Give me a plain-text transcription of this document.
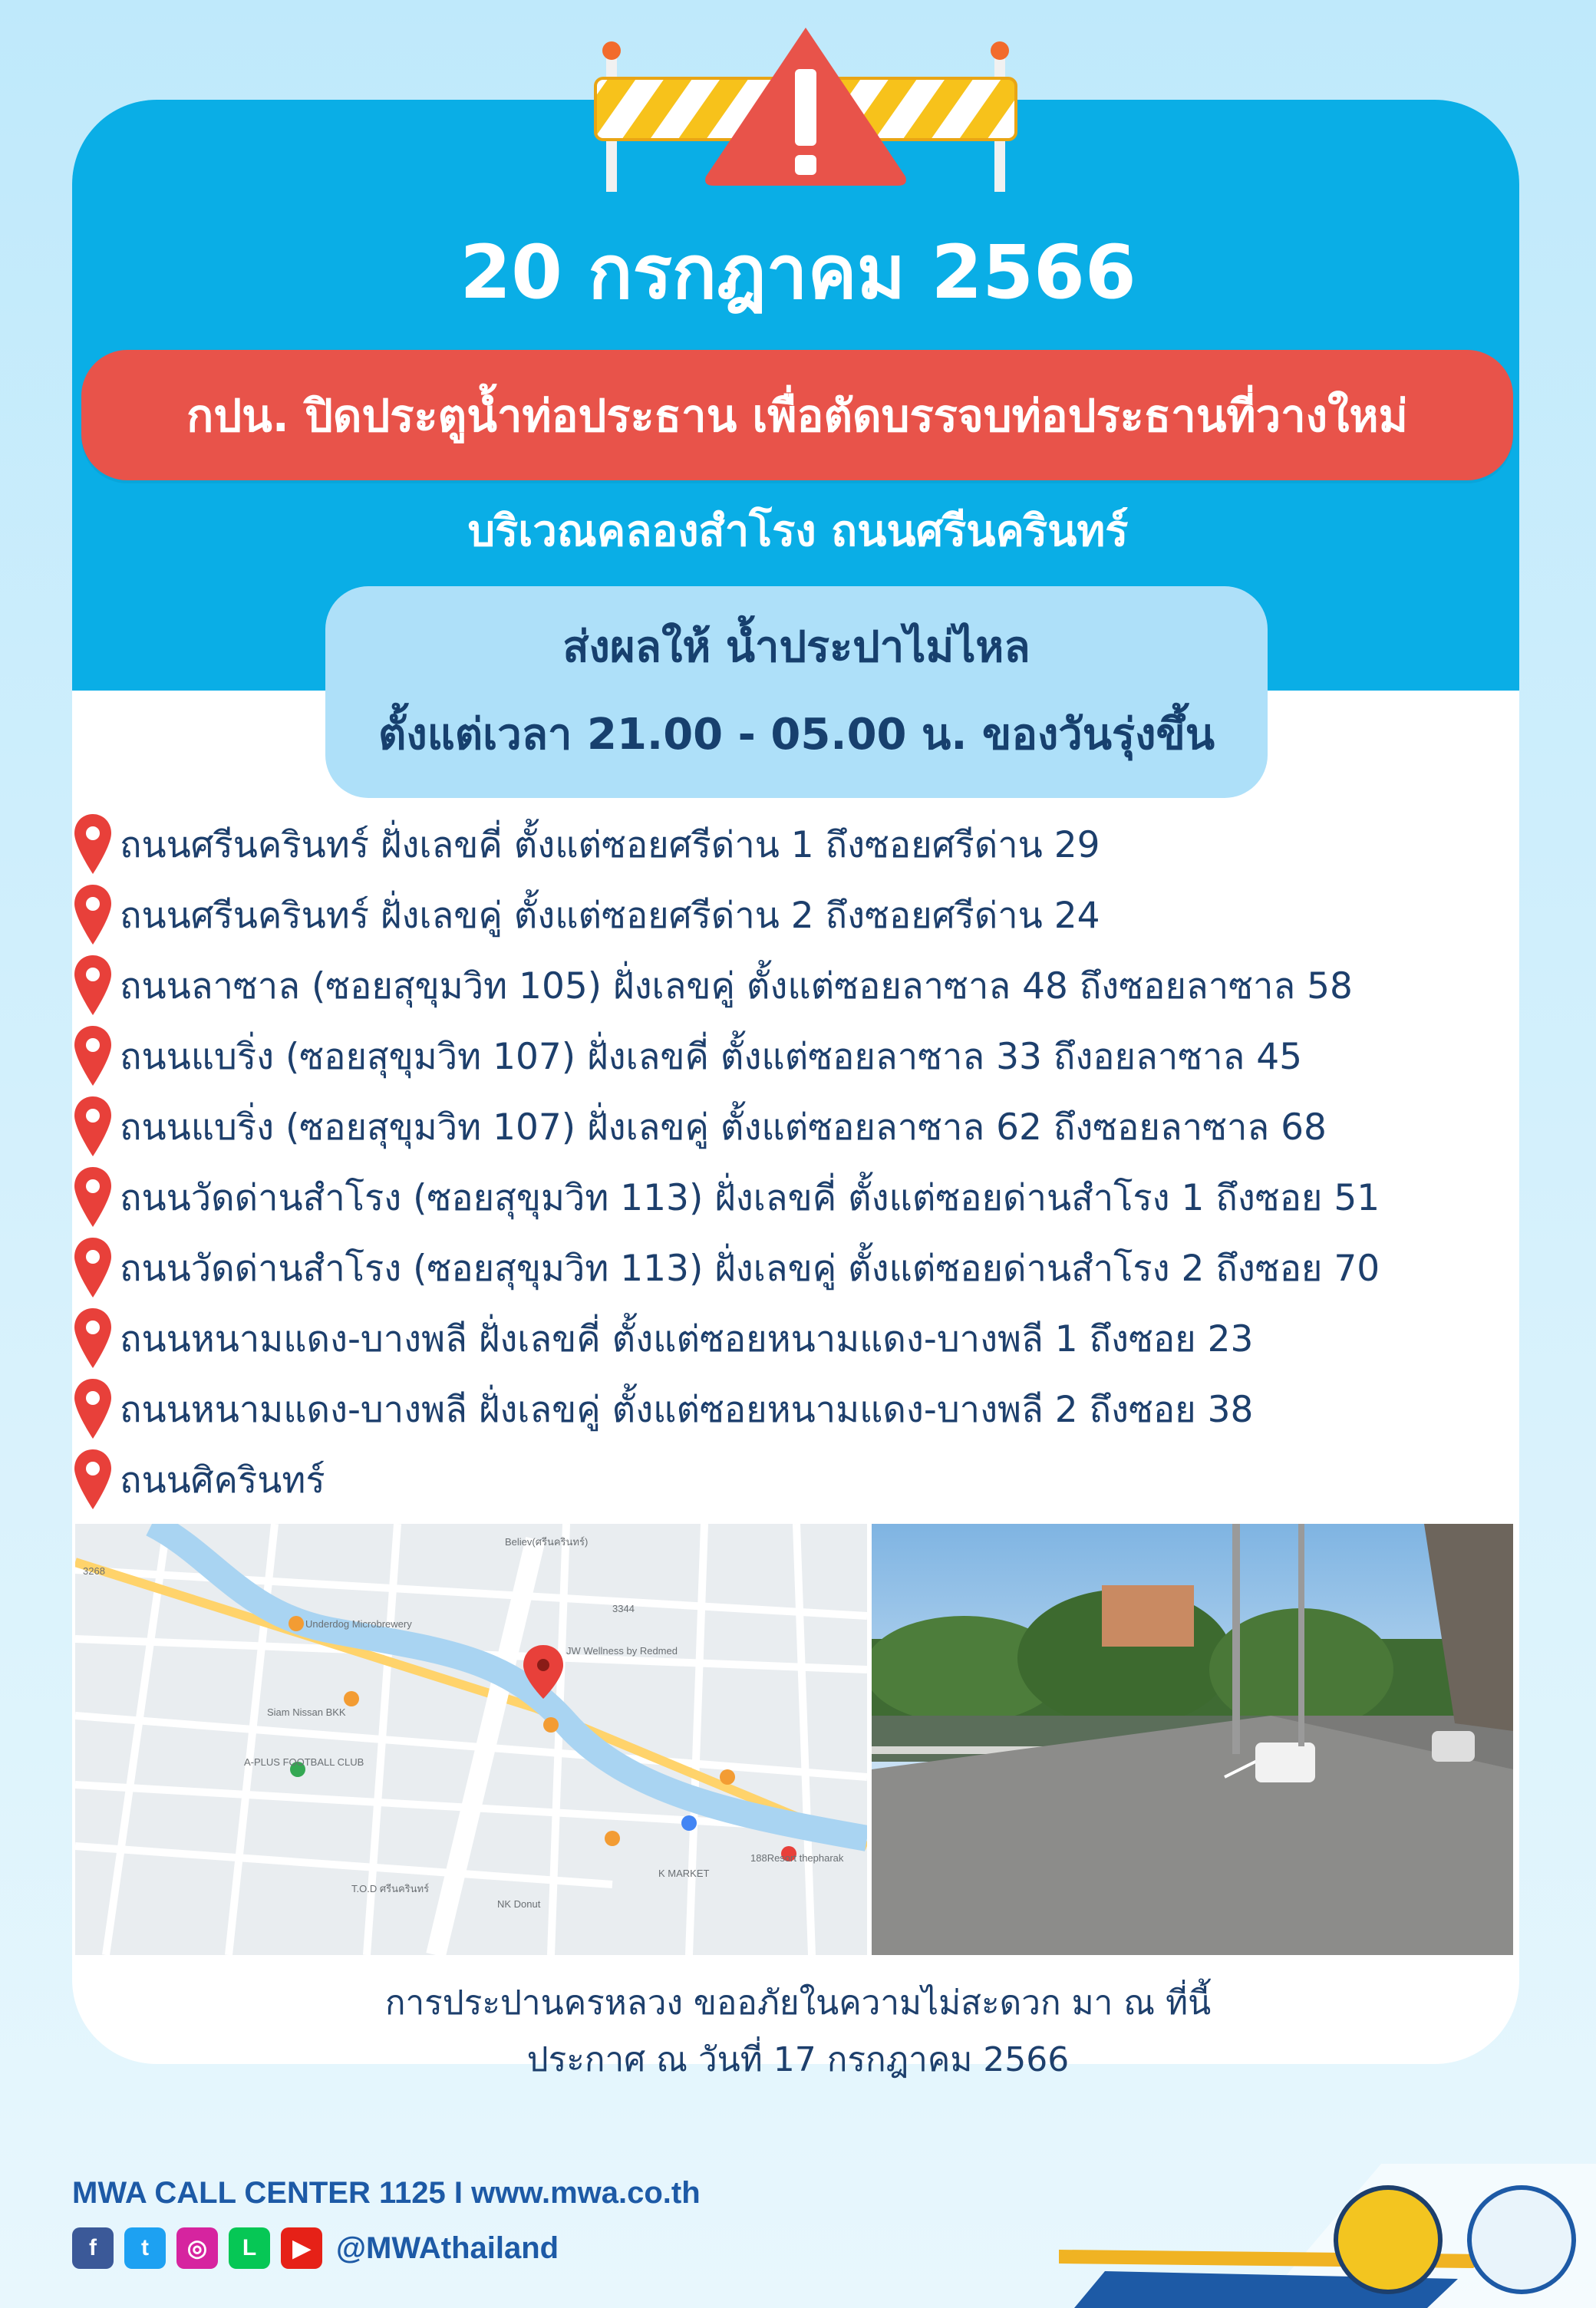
20 กรกฎาคม 2566
กปน. ปิดประตูน้ำท่อประธาน เพื่อตัดบรรจบท่อประธานที่วางใหม่
บริเวณคลองสำโรง ถนนศรีนครินทร์
ส่งผลให้ น้ำประปาไม่ไหล
ตั้งแต่เวลา 21.00 - 05.00 น. ของวันรุ่งขึ้น
ถนนศรีนครินทร์ ฝั่งเลขคี่ ตั้งแต่ซอยศรีด่าน 1 ถึงซอยศรีด่าน 29
ถนนศรีนครินทร์ ฝั่งเลขคู่ ตั้งแต่ซอยศรีด่าน 2 ถึงซอยศรีด่าน 24
ถนนลาซาล (ซอยสุขุมวิท 105) ฝั่งเลขคู่ ตั้งแต่ซอยลาซาล 48 ถึงซอยลาซาล 58
ถนนแบริ่ง (ซอยสุขุมวิท 107) ฝั่งเลขคี่ ตั้งแต่ซอยลาซาล 33 ถึงอยลาซาล 45
ถนนแบริ่ง (ซอยสุขุมวิท 107) ฝั่งเลขคู่ ตั้งแต่ซอยลาซาล 62 ถึงซอยลาซาล 68
ถนนวัดด่านสำโรง (ซอยสุขุมวิท 113) ฝั่งเลขคี่ ตั้งแต่ซอยด่านสำโรง 1 ถึงซอย 51
ถนนวัดด่านสำโรง (ซอยสุขุมวิท 113) ฝั่งเลขคู่ ตั้งแต่ซอยด่านสำโรง 2 ถึงซอย 70
ถนนหนามแดง-บางพลี ฝั่งเลขคี่ ตั้งแต่ซอยหนามแดง-บางพลี 1 ถึงซอย 23
ถนนหนามแดง-บางพลี ฝั่งเลขคู่ ตั้งแต่ซอยหนามแดง-บางพลี 2 ถึงซอย 38
ถนนศิครินทร์
Underdog Microbrewery
Siam Nissan BKK
JW Wellness by Redmed
A-PLUS FOOTBALL CLUB
T.O.D ศรีนครินทร์
NK Donut
K MARKET
188Resort thepharak
Believ(ศรีนครินทร์)
3268
3344
การประปานครหลวง ขออภัยในความไม่สะดวก มา ณ ที่นี้
ประกาศ ณ วันที่ 17 กรกฎาคม 2566
MWA CALL CENTER 1125 I www.mwa.co.th
f	t	◎	L	▶ @MWAthailand
